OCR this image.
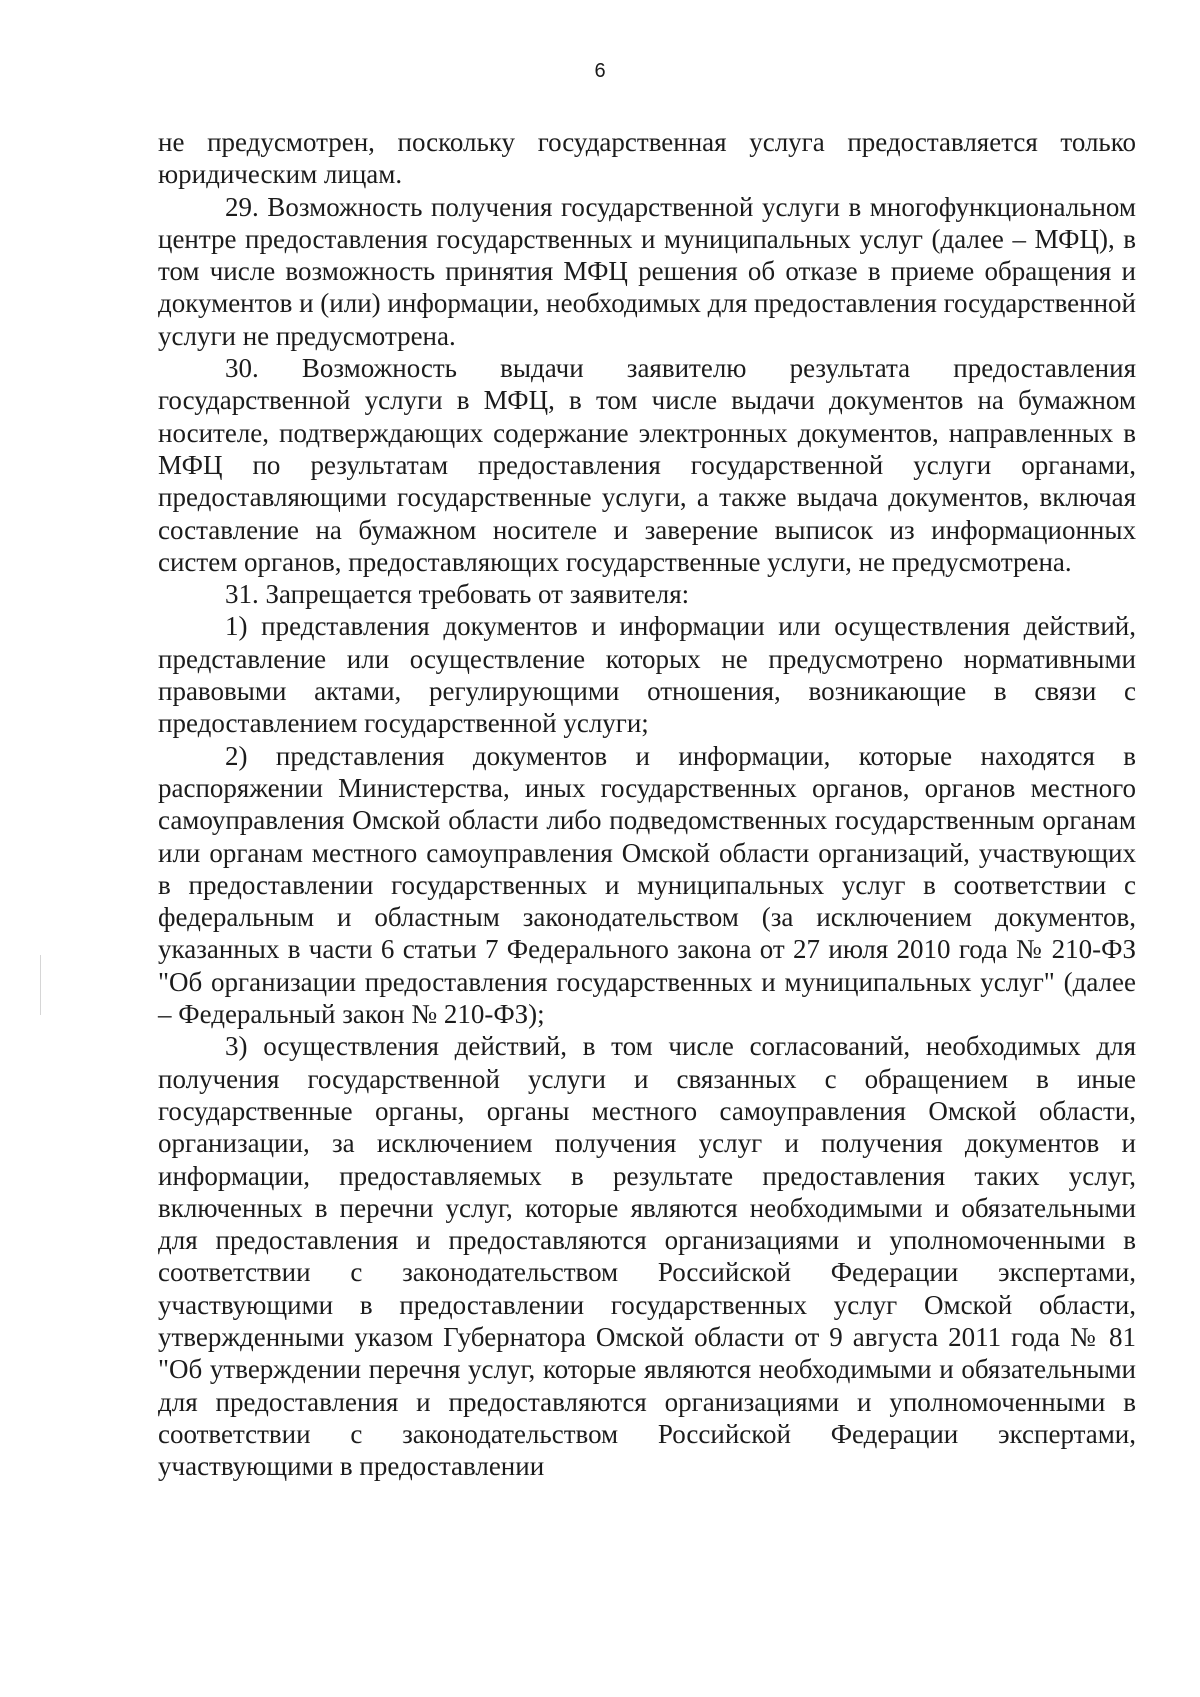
6

не предусмотрен, поскольку государственная услуга предоставляется только юридическим лицам.

29. Возможность получения государственной услуги в многофункциональном центре предоставления государственных и муниципальных услуг (далее – МФЦ), в том числе возможность принятия МФЦ решения об отказе в приеме обращения и документов и (или) информации, необходимых для предоставления государственной услуги не предусмотрена.

30. Возможность выдачи заявителю результата предоставления государственной услуги в МФЦ, в том числе выдачи документов на бумажном носителе, подтверждающих содержание электронных документов, направленных в МФЦ по результатам предоставления государственной услуги органами, предоставляющими государственные услуги, а также выдача документов, включая составление на бумажном носителе и заверение выписок из информационных систем органов, предоставляющих государственные услуги, не предусмотрена.

31. Запрещается требовать от заявителя:

1) представления документов и информации или осуществления действий, представление или осуществление которых не предусмотрено нормативными правовыми актами, регулирующими отношения, возникающие в связи с предоставлением государственной услуги;

2) представления документов и информации, которые находятся в распоряжении Министерства, иных государственных органов, органов местного самоуправления Омской области либо подведомственных государственным органам или органам местного самоуправления Омской области организаций, участвующих в предоставлении государственных и муниципальных услуг в соответствии с федеральным и областным законодательством (за исключением документов, указанных в части 6 статьи 7 Федерального закона от 27 июля 2010 года № 210-ФЗ "Об организации предоставления государственных и муниципальных услуг" (далее – Федеральный закон № 210-ФЗ);

3) осуществления действий, в том числе согласований, необходимых для получения государственной услуги и связанных с обращением в иные государственные органы, органы местного самоуправления Омской области, организации, за исключением получения услуг и получения документов и информации, предоставляемых в результате предоставления таких услуг, включенных в перечни услуг, которые являются необходимыми и обязательными для предоставления и предоставляются организациями и уполномоченными в соответствии с законодательством Российской Федерации экспертами, участвующими в предоставлении государственных услуг Омской области, утвержденными указом Губернатора Омской области от 9 августа 2011 года № 81 "Об утверждении перечня услуг, которые являются необходимыми и обязательными для предоставления и предоставляются организациями и уполномоченными в соответствии с законодательством Российской Федерации экспертами, участвующими в предоставлении
